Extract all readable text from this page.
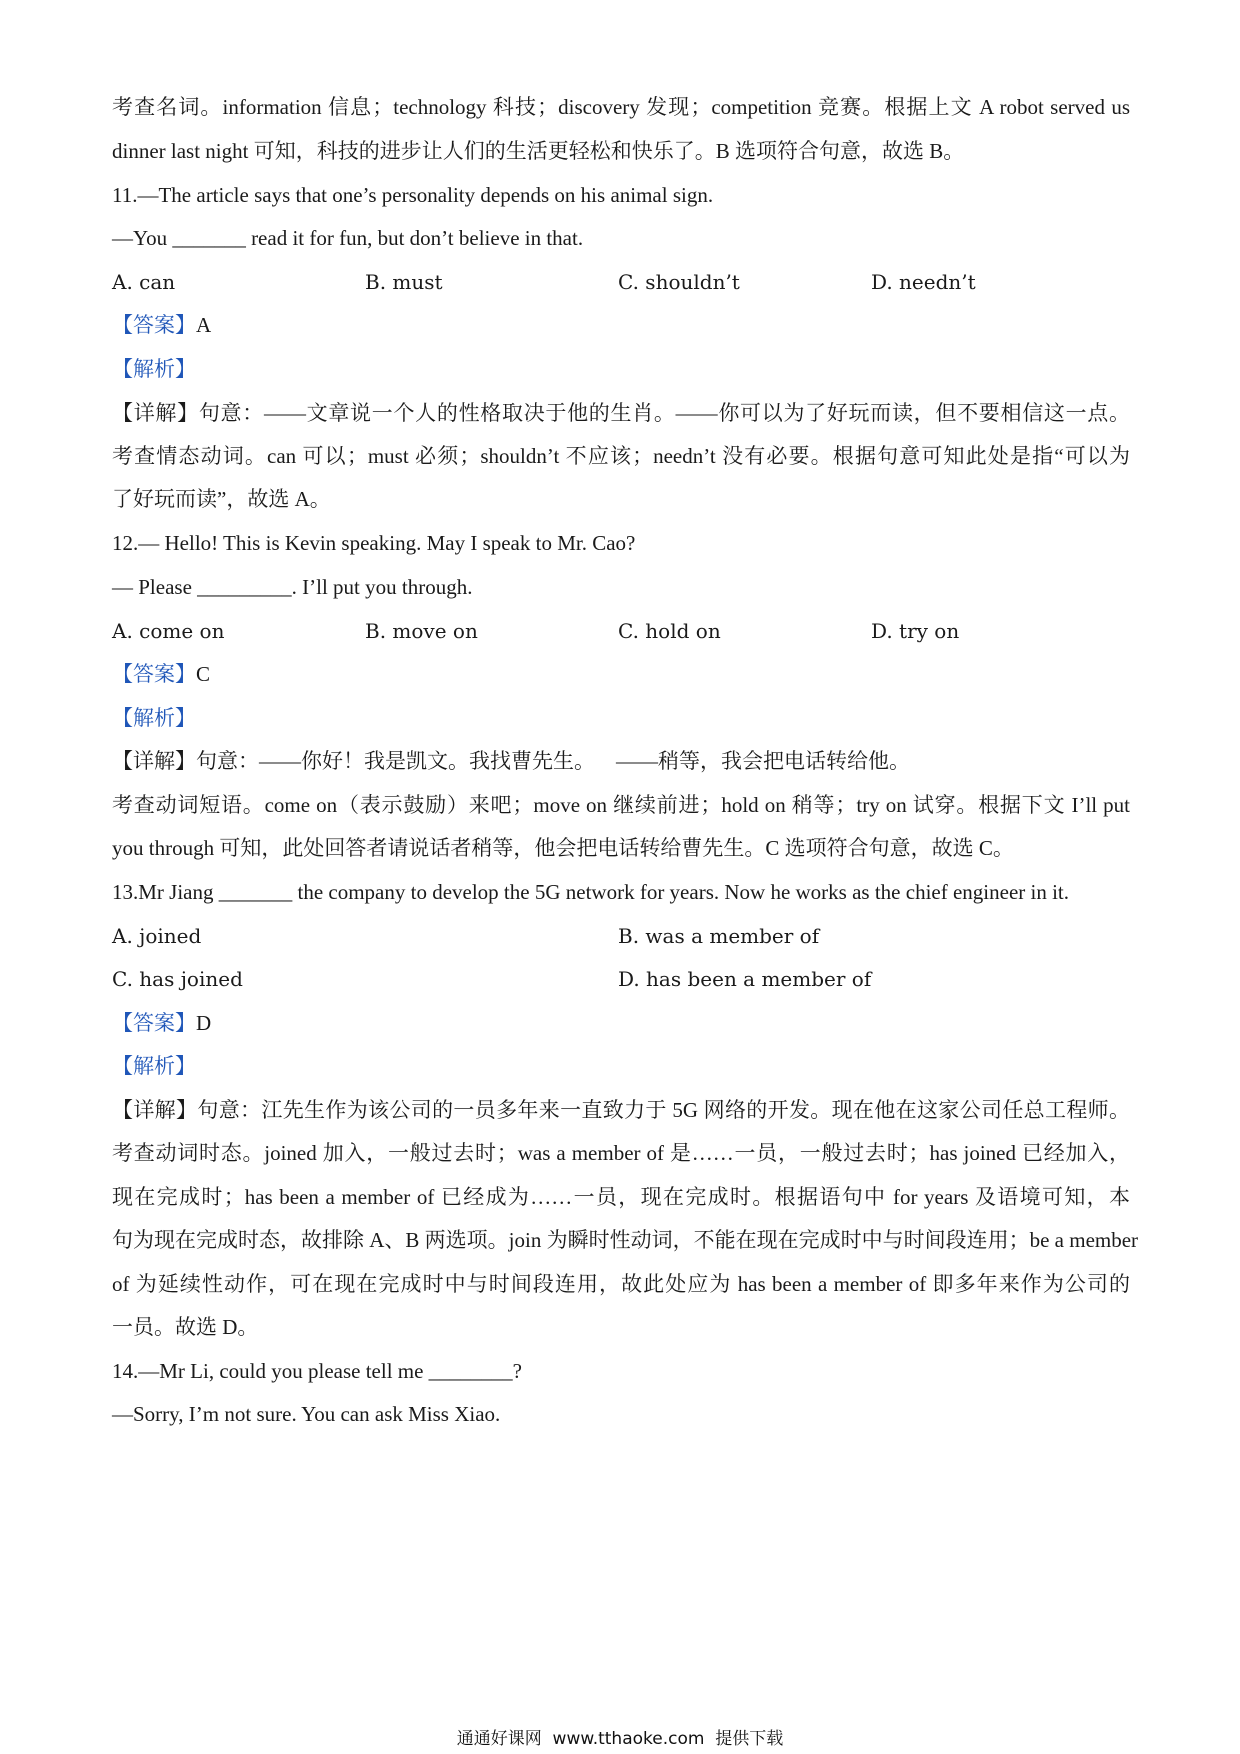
考查名词。information 信息；technology 科技；discovery 发现；competition 竞赛。根据上文 A robot served us
dinner last night 可知，科技的进步让人们的生活更轻松和快乐了。B 选项符合句意，故选 B。
11.—The article says that one’s personality depends on his animal sign.
—You _______ read it for fun, but don’t believe in that.
A. can	B. must	C. shouldn’t	D. needn’t
【答案】A
【解析】
【详解】句意：——文章说一个人的性格取决于他的生肖。——你可以为了好玩而读，但不要相信这一点。
考查情态动词。can 可以；must 必须；shouldn’t 不应该；needn’t 没有必要。根据句意可知此处是指“可以为
了好玩而读”，故选 A。
12.— Hello! This is Kevin speaking. May I speak to Mr. Cao?
— Please _________. I’ll put you through.
A. come on	B. move on	C. hold on	D. try on
【答案】C
【解析】
【详解】句意：——你好！我是凯文。我找曹先生。    ——稍等，我会把电话转给他。
考查动词短语。come on（表示鼓励）来吧；move on 继续前进；hold on 稍等；try on 试穿。根据下文 I’ll put
you through 可知，此处回答者请说话者稍等，他会把电话转给曹先生。C 选项符合句意，故选 C。
13.Mr Jiang _______ the company to develop the 5G network for years. Now he works as the chief engineer in it.
A. joined	B. was a member of
C. has joined	D. has been a member of
【答案】D
【解析】
【详解】句意：江先生作为该公司的一员多年来一直致力于 5G 网络的开发。现在他在这家公司任总工程师。
考查动词时态。joined 加入，一般过去时；was a member of 是……一员，一般过去时；has joined 已经加入，
现在完成时；has been a member of 已经成为……一员，现在完成时。根据语句中 for years 及语境可知，本
句为现在完成时态，故排除 A、B 两选项。join 为瞬时性动词，不能在现在完成时中与时间段连用；be a member
of 为延续性动作，可在现在完成时中与时间段连用，故此处应为 has been a member of 即多年来作为公司的
一员。故选 D。
14.—Mr Li, could you please tell me ________?
—Sorry, I’m not sure. You can ask Miss Xiao.
通通好课网  www.tthaoke.com  提供下载
